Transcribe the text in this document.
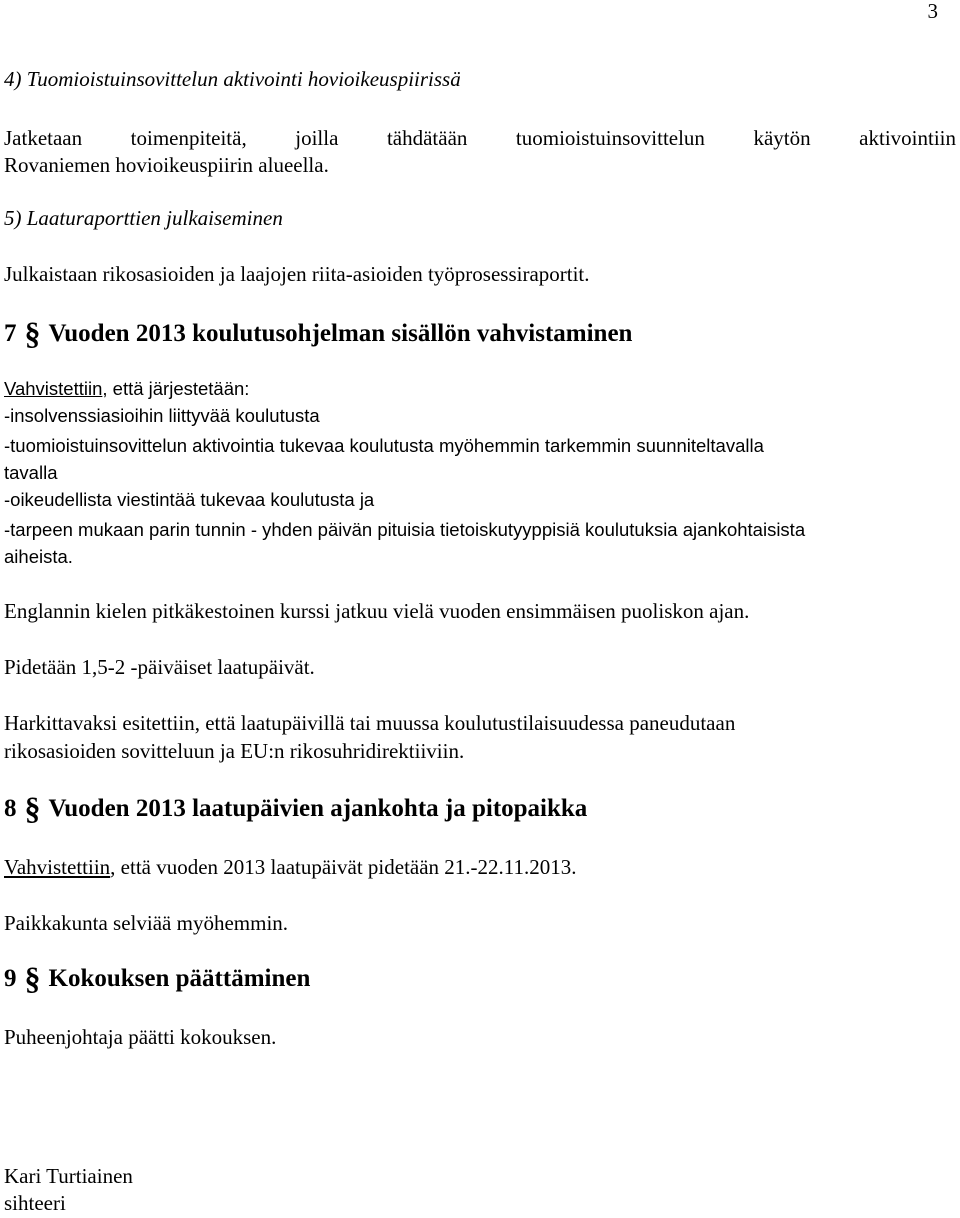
3
4) Tuomioistuinsovittelun aktivointi hovioikeuspiirissä
Jatketaan toimenpiteitä, joilla tähdätään tuomioistuinsovittelun käytön aktivointiin
Rovaniemen hovioikeuspiirin alueella.
5) Laaturaporttien julkaiseminen
Julkaistaan rikosasioiden ja laajojen riita-asioiden työprosessiraportit.
7 § Vuoden 2013 koulutusohjelman sisällön vahvistaminen
Vahvistettiin, että järjestetään:
-insolvenssiasioihin liittyvää koulutusta
-tuomioistuinsovittelun aktivointia tukevaa koulutusta myöhemmin tarkemmin suunniteltavalla
tavalla
-oikeudellista viestintää tukevaa koulutusta ja
-tarpeen mukaan parin tunnin - yhden päivän pituisia tietoiskutyyppisiä koulutuksia ajankohtaisista
aiheista.
Englannin kielen pitkäkestoinen kurssi jatkuu vielä vuoden ensimmäisen puoliskon ajan.
Pidetään 1,5-2 -päiväiset laatupäivät.
Harkittavaksi esitettiin, että laatupäivillä tai muussa koulutustilaisuudessa paneudutaan
rikosasioiden sovitteluun ja EU:n rikosuhridirektiiviin.
8 § Vuoden 2013 laatupäivien ajankohta ja pitopaikka
Vahvistettiin, että vuoden 2013 laatupäivät pidetään 21.-22.11.2013.
Paikkakunta selviää myöhemmin.
9 § Kokouksen päättäminen
Puheenjohtaja päätti kokouksen.
Kari Turtiainen
sihteeri
